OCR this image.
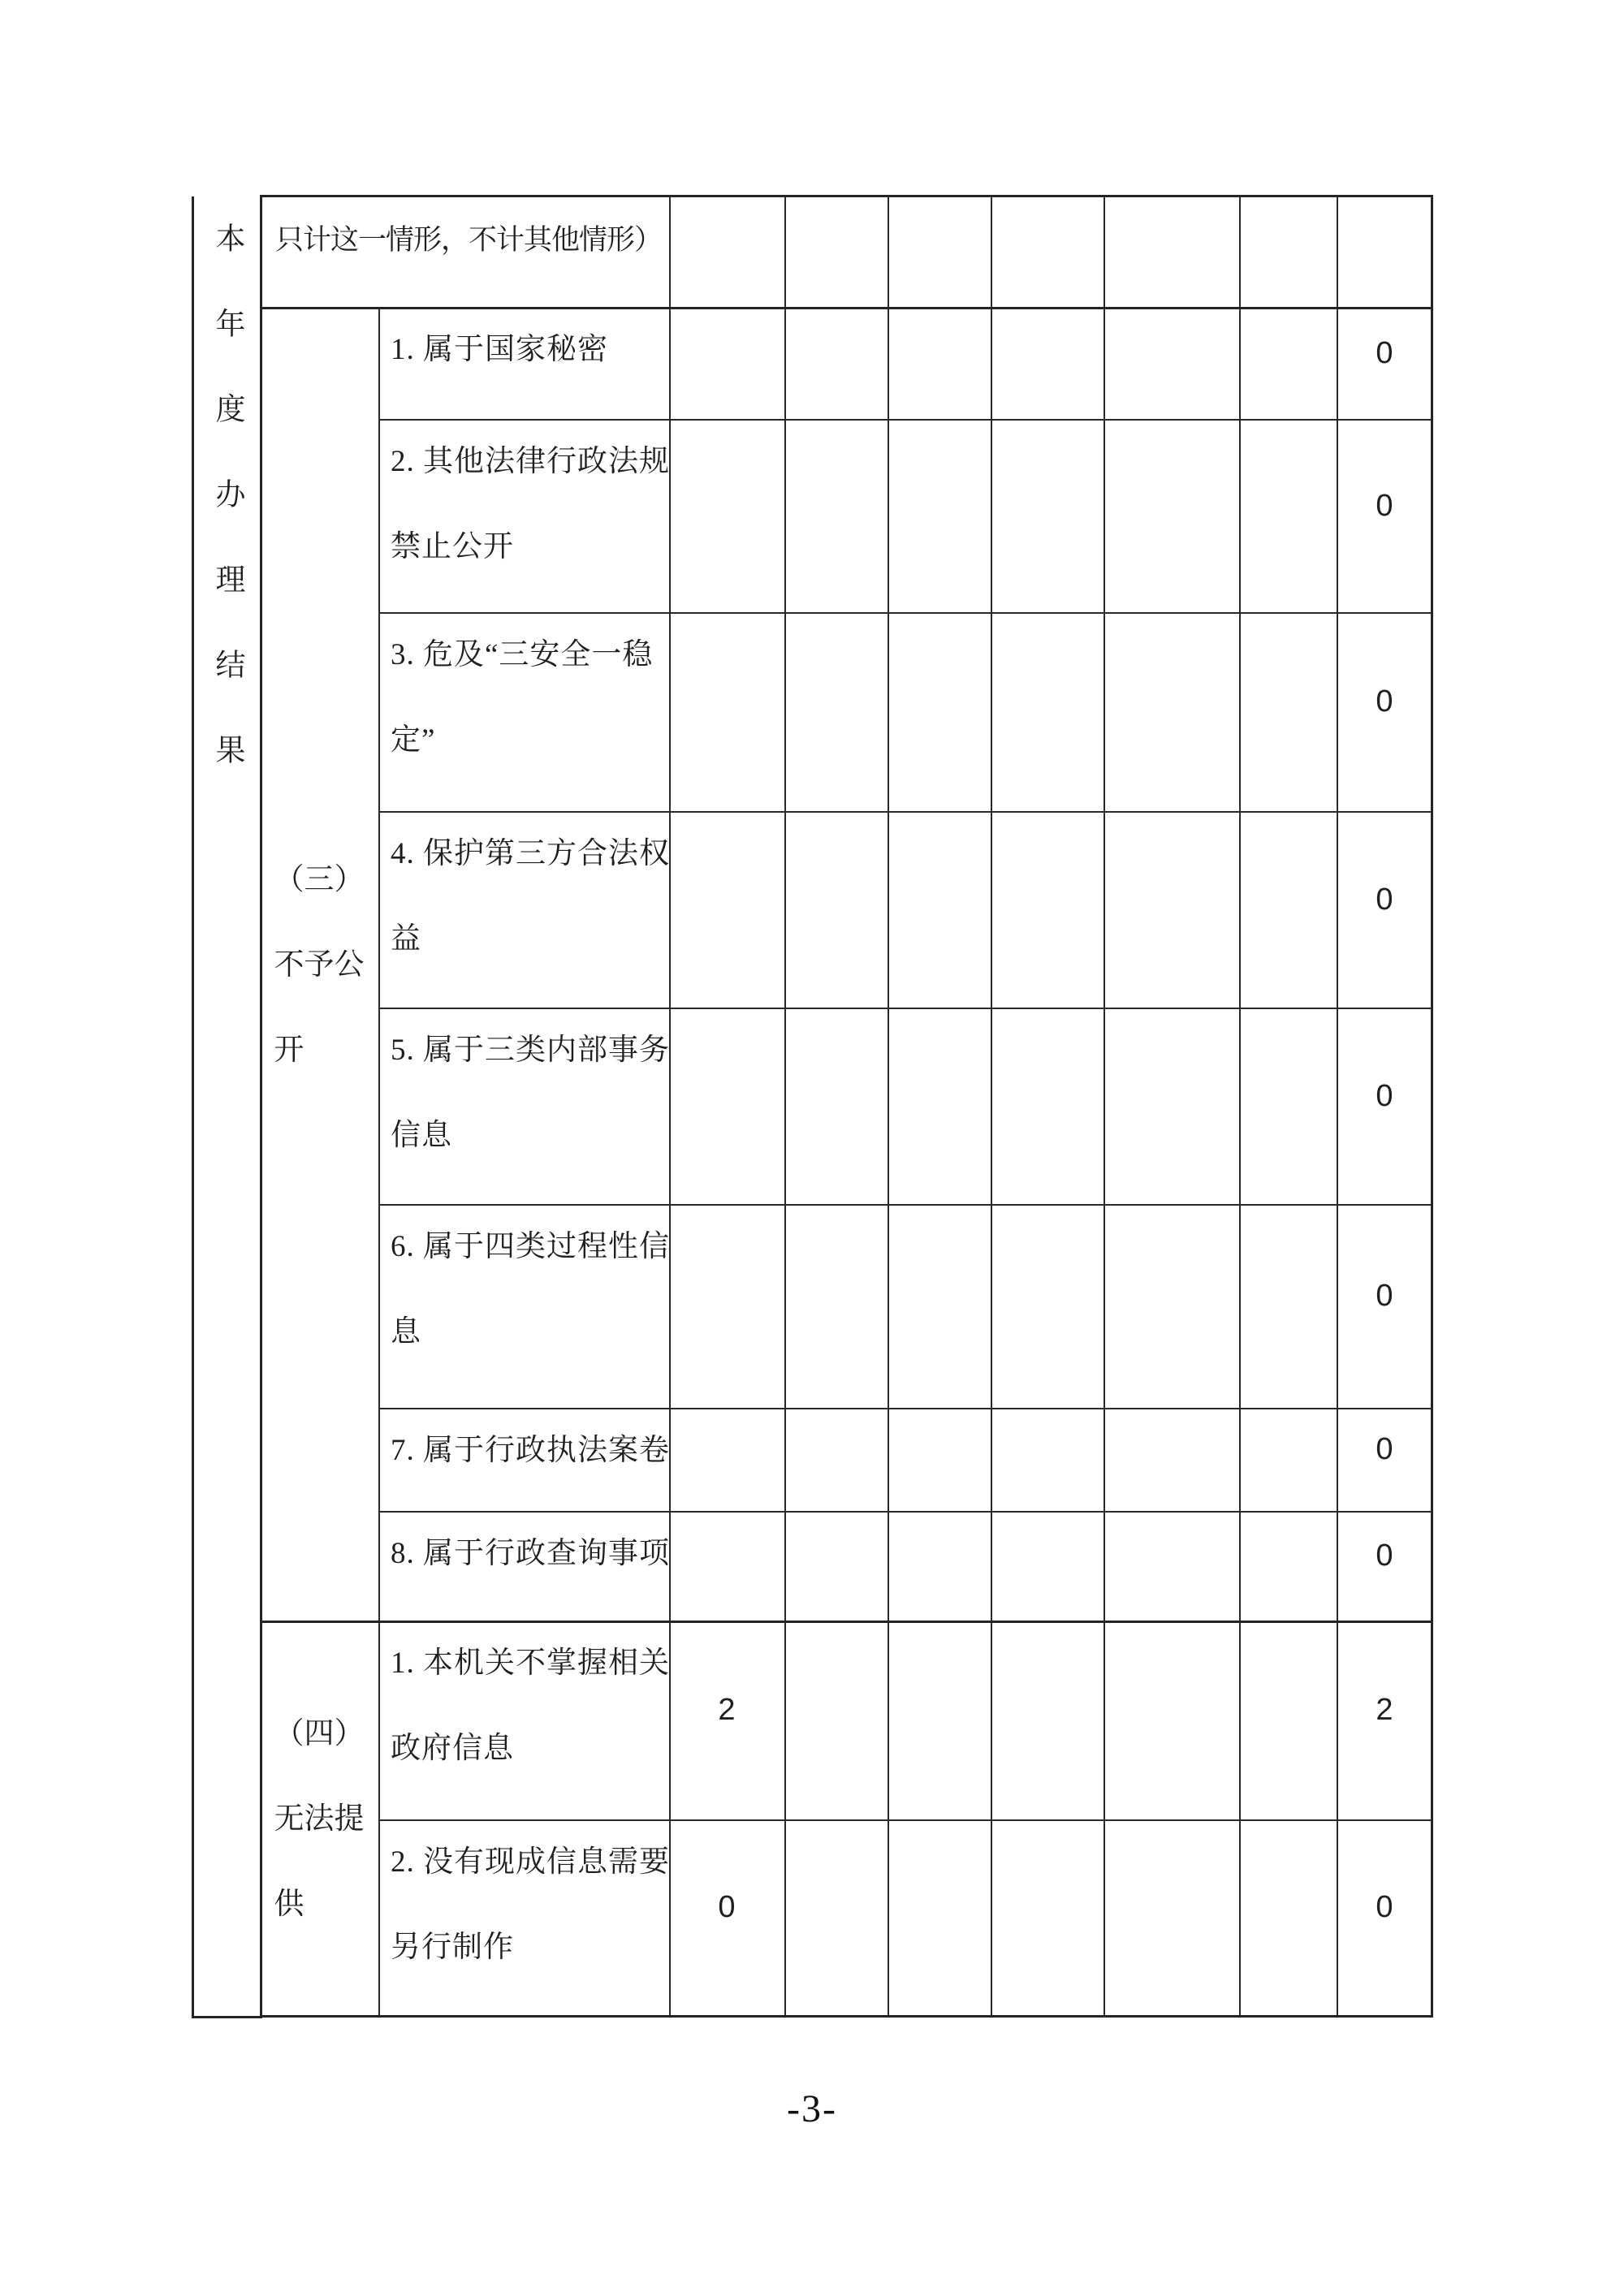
本年度办理结果 只计这一情形，不计其他情形）
（三）
不予公
开
1. 属于国家秘密
2. 其他法律行政法规
禁止公开
3. 危及“三安全一稳
定”
4. 保护第三方合法权
益
5. 属于三类内部事务
信息
6. 属于四类过程性信
息
7. 属于行政执法案卷
8. 属于行政查询事项
0
0
0
0
0
0
0
0
（四）
无法提
供
1. 本机关不掌握相关
政府信息
2. 没有现成信息需要
另行制作
2	2
0	0
-3-
